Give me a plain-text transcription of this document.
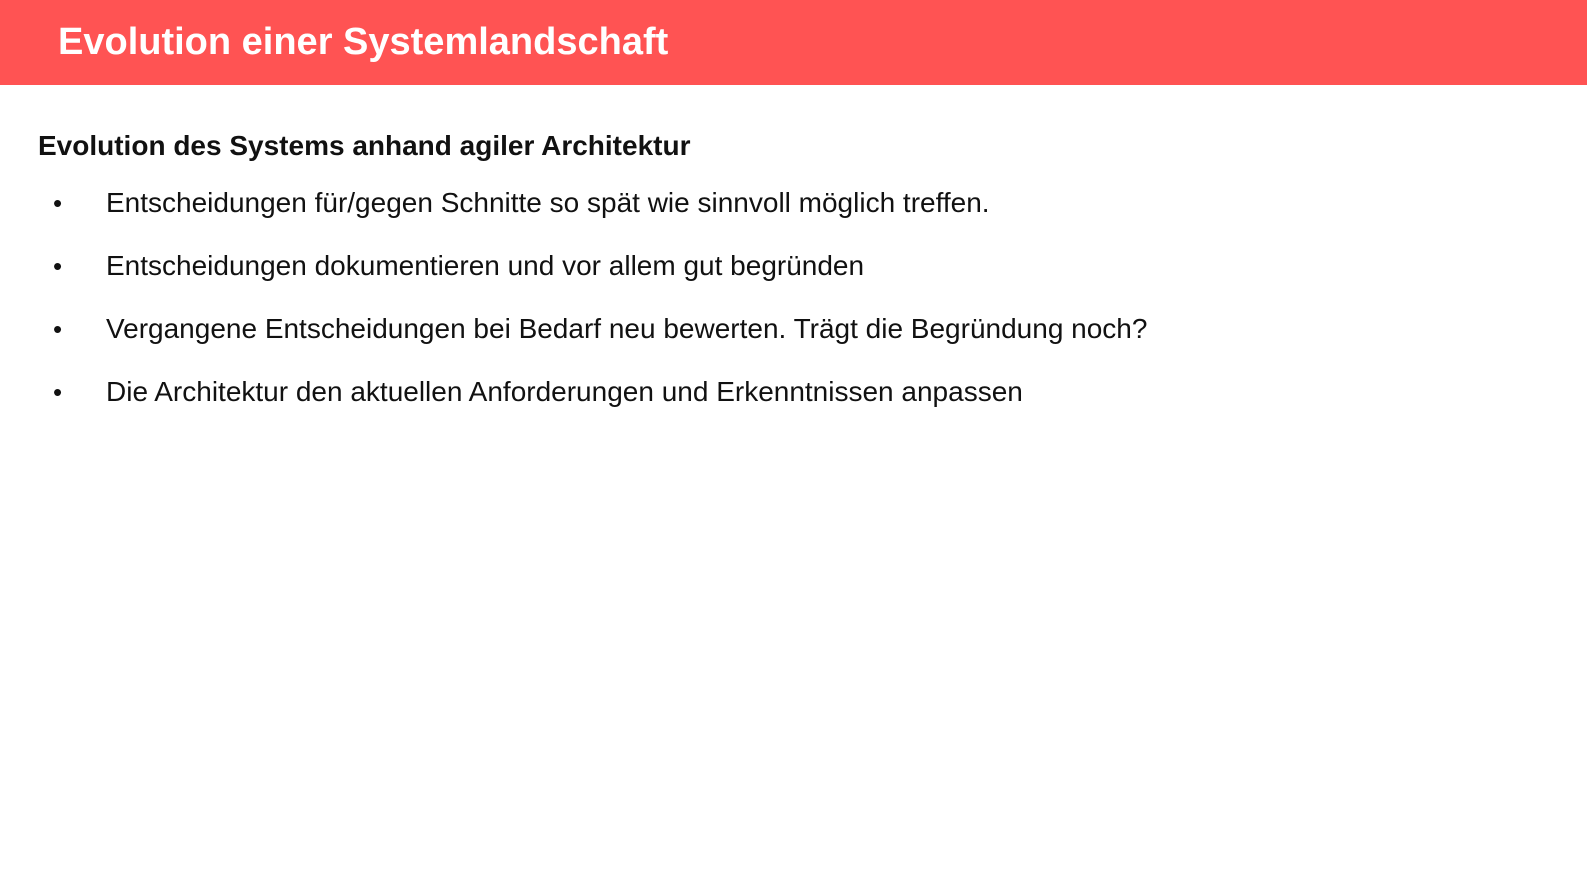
Evolution einer Systemlandschaft
Evolution des Systems anhand agiler Architektur
• Entscheidungen für/gegen Schnitte so spät wie sinnvoll möglich treffen.
• Entscheidungen dokumentieren und vor allem gut begründen
• Vergangene Entscheidungen bei Bedarf neu bewerten. Trägt die Begründung noch?
• Die Architektur den aktuellen Anforderungen und Erkenntnissen anpassen
